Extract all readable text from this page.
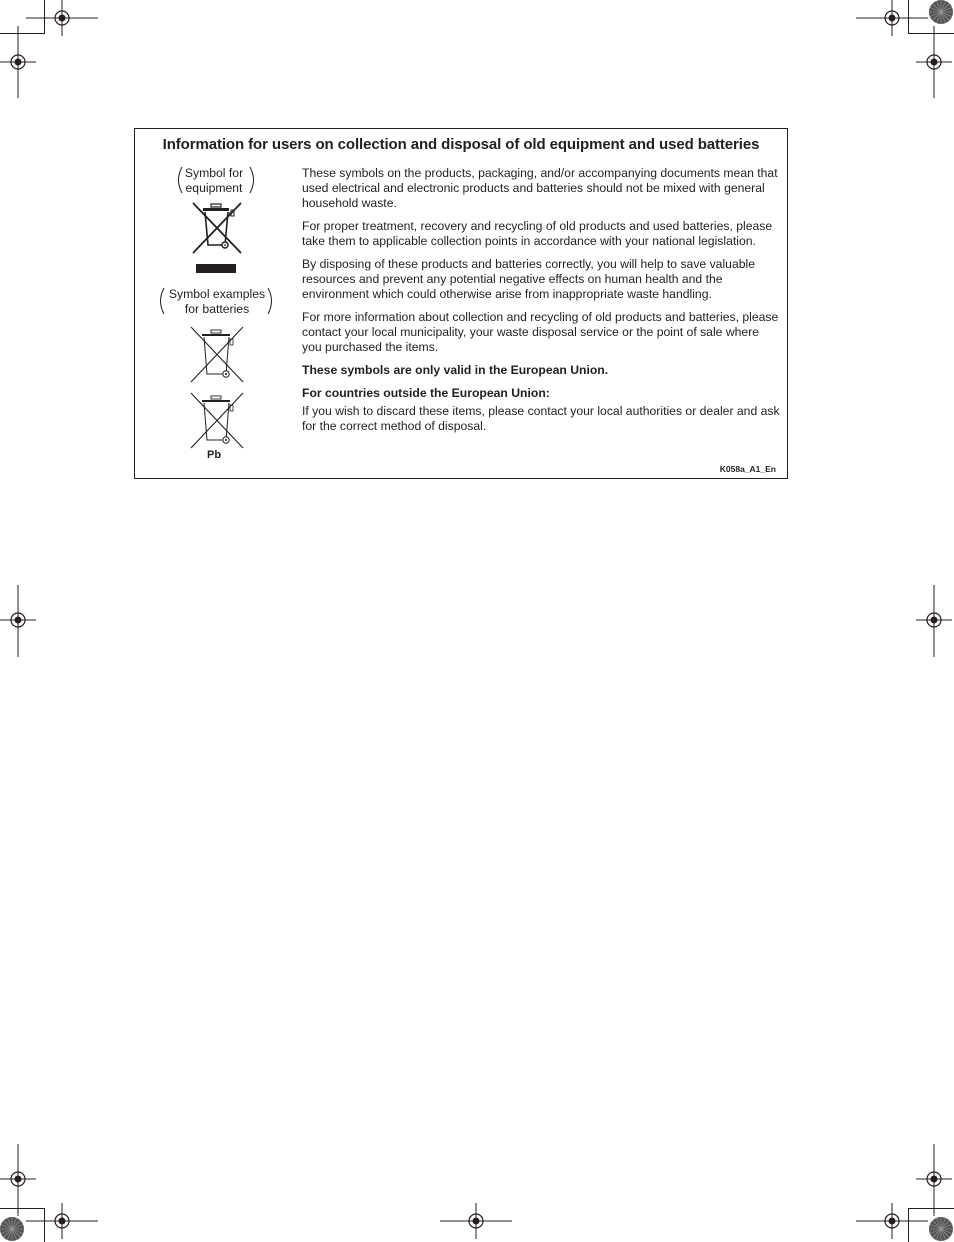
Information for users on collection and disposal of old equipment and used batteries
Symbol for
equipment
Symbol examples
for batteries
Pb

These symbols on the products, packaging, and/or accompanying documents mean that used electrical and electronic products and batteries should not be mixed with general household waste.

For proper treatment, recovery and recycling of old products and used batteries, please take them to applicable collection points in accordance with your national legislation.

By disposing of these products and batteries correctly, you will help to save valuable resources and prevent any potential negative effects on human health and the environment which could otherwise arise from inappropriate waste handling.

For more information about collection and recycling of old products and batteries, please contact your local municipality, your waste disposal service or the point of sale where you purchased the items.

These symbols are only valid in the European Union.

For countries outside the European Union:

If you wish to discard these items, please contact your local authorities or dealer and ask for the correct method of disposal.

K058a_A1_En
